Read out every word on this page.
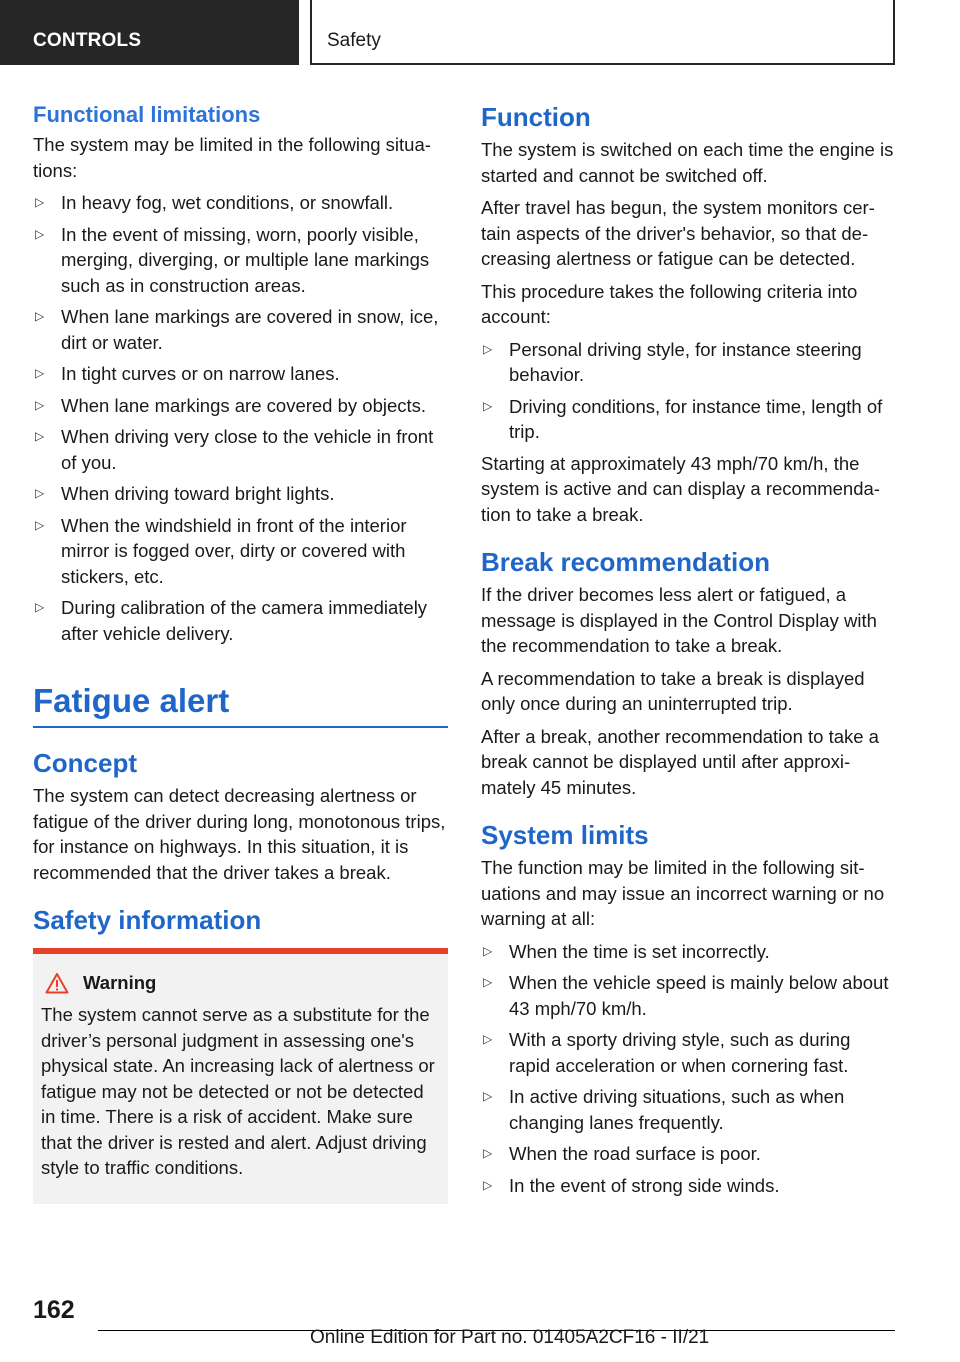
CONTROLS	Safety
Functional limitations

The system may be limited in the following situations:

▷ In heavy fog, wet conditions, or snowfall.
▷ In the event of missing, worn, poorly visible, merging, diverging, or multiple lane markings such as in construction areas.
▷ When lane markings are covered in snow, ice, dirt or water.
▷ In tight curves or on narrow lanes.
▷ When lane markings are covered by objects.
▷ When driving very close to the vehicle in front of you.
▷ When driving toward bright lights.
▷ When the windshield in front of the interior mirror is fogged over, dirty or covered with stickers, etc.
▷ During calibration of the camera immediately after vehicle delivery.
Fatigue alert
Concept

The system can detect decreasing alertness or fatigue of the driver during long, monotonous trips, for instance on highways. In this situation, it is recommended that the driver takes a break.

Safety information
Warning

The system cannot serve as a substitute for the driver’s personal judgment in assessing one's physical state. An increasing lack of alertness or fatigue may not be detected or not be detected in time. There is a risk of accident. Make sure that the driver is rested and alert. Adjust driving style to traffic conditions.

Function

The system is switched on each time the engine is started and cannot be switched off.

After travel has begun, the system monitors certain aspects of the driver's behavior, so that decreasing alertness or fatigue can be detected.

This procedure takes the following criteria into account:

▷ Personal driving style, for instance steering behavior.
▷ Driving conditions, for instance time, length of trip.

Starting at approximately 43 mph/70 km/h, the system is active and can display a recommendation to take a break.

Break recommendation

If the driver becomes less alert or fatigued, a message is displayed in the Control Display with the recommendation to take a break.

A recommendation to take a break is displayed only once during an uninterrupted trip.

After a break, another recommendation to take a break cannot be displayed until after approximately 45 minutes.

System limits

The function may be limited in the following situations and may issue an incorrect warning or no warning at all:

▷ When the time is set incorrectly.
▷ When the vehicle speed is mainly below about 43 mph/70 km/h.
▷ With a sporty driving style, such as during rapid acceleration or when cornering fast.
▷ In active driving situations, such as when changing lanes frequently.
▷ When the road surface is poor.
▷ In the event of strong side winds.
162
Online Edition for Part no. 01405A2CF16 - II/21
